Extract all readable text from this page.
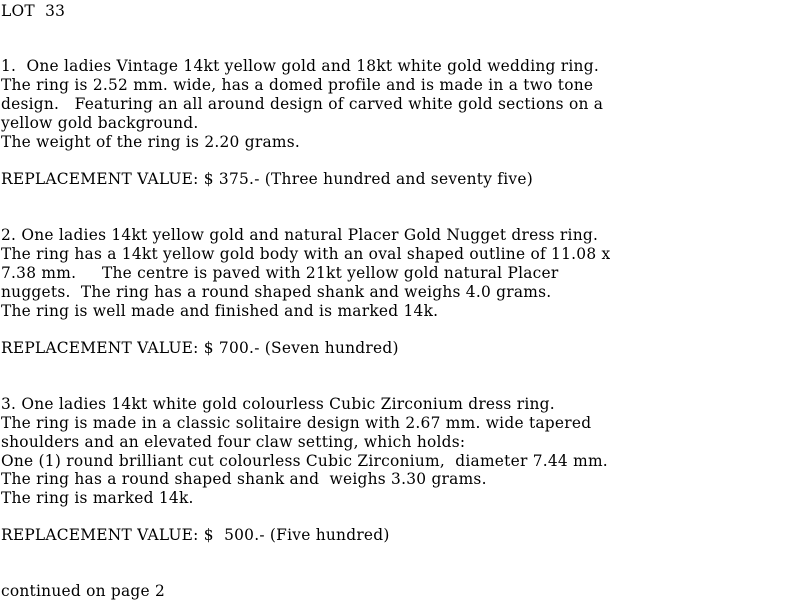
LOT  33
1.  One ladies Vintage 14kt yellow gold and 18kt white gold wedding ring.
The ring is 2.52 mm. wide, has a domed profile and is made in a two tone
design.   Featuring an all around design of carved white gold sections on a
yellow gold background.
The weight of the ring is 2.20 grams.
REPLACEMENT VALUE: $ 375.- (Three hundred and seventy five)
2. One ladies 14kt yellow gold and natural Placer Gold Nugget dress ring.
The ring has a 14kt yellow gold body with an oval shaped outline of 11.08 x
7.38 mm.     The centre is paved with 21kt yellow gold natural Placer
nuggets.  The ring has a round shaped shank and weighs 4.0 grams.
The ring is well made and finished and is marked 14k.
REPLACEMENT VALUE: $ 700.- (Seven hundred)
3. One ladies 14kt white gold colourless Cubic Zirconium dress ring.
The ring is made in a classic solitaire design with 2.67 mm. wide tapered
shoulders and an elevated four claw setting, which holds:
One (1) round brilliant cut colourless Cubic Zirconium,  diameter 7.44 mm.
The ring has a round shaped shank and  weighs 3.30 grams.
The ring is marked 14k.
REPLACEMENT VALUE: $  500.- (Five hundred)
continued on page 2
